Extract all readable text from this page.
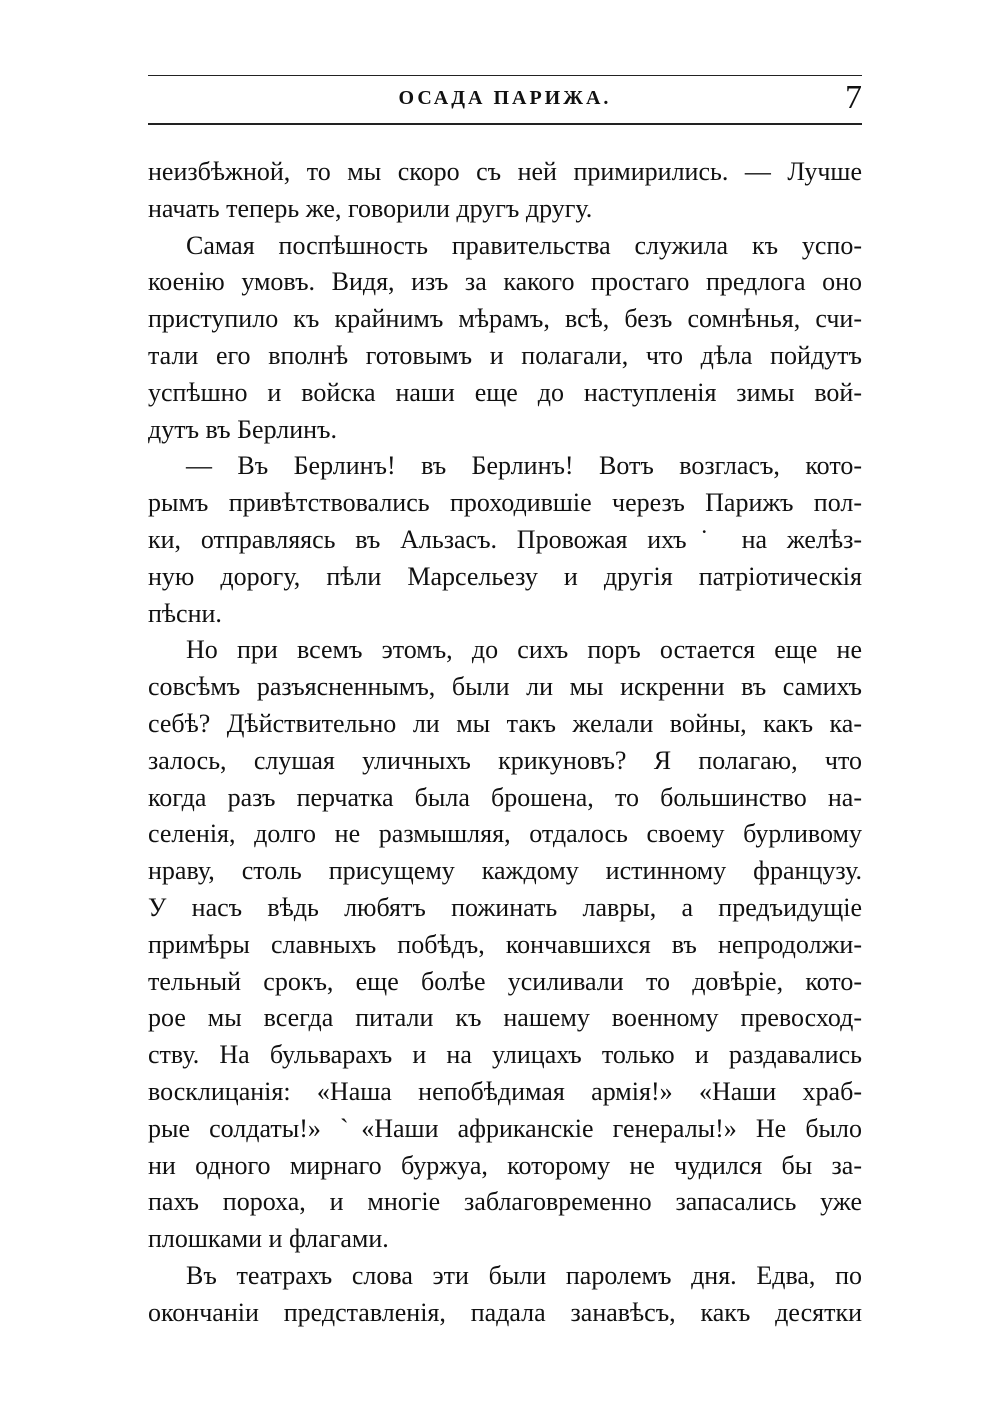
ОСАДА ПАРИЖА.	7
неизбѣжной, то мы скоро съ ней примирились. — Лучше
начать теперь же, говорили другъ другу.
Самая поспѣшность правительства служила къ успо-
коенію умовъ. Видя, изъ за какого простаго предлога оно
приступило къ крайнимъ мѣрамъ, всѣ, безъ сомнѣнья, счи-
тали его вполнѣ готовымъ и полагали, что дѣла пойдутъ
успѣшно и войска наши еще до наступленія зимы вой-
дутъ въ Берлинъ.
— Въ Берлинъ! въ Берлинъ! Вотъ возгласъ, кото-
рымъ привѣтствовались проходившіе черезъ Парижъ пол-
ки, отправляясь въ Альзасъ. Провожая ихъ˙ на желѣз-
ную дорогу, пѣли Марсельезу и другія патріотическія
пѣсни.
Но при всемъ этомъ, до сихъ поръ остается еще не
совсѣмъ разъясненнымъ, были ли мы искренни въ самихъ
себѣ? Дѣйствительно ли мы такъ желали войны, какъ ка-
залось, слушая уличныхъ крикуновъ? Я полагаю, что
когда разъ перчатка была брошена, то большинство на-
селенія, долго не размышляя, отдалось своему бурливому
нраву, столь присущему каждому истинному французу.
У насъ вѣдь любятъ пожинать лавры, а предъидущіе
примѣры славныхъ побѣдъ, кончавшихся въ непродолжи-
тельный срокъ, еще болѣе усиливали то довѣріе, кото-
рое мы всегда питали къ нашему военному превосход-
ству. На бульварахъ и на улицахъ только и раздавались
восклицанія: «Наша непобѣдимая армія!» «Наши храб-
рые солдаты!» ˋ«Наши африканскіе генералы!» Не было
ни одного мирнаго буржуа, которому не чудился бы за-
пахъ пороха, и многіе заблаговременно запасались уже
плошками и флагами.
Въ театрахъ слова эти были паролемъ дня. Едва, по
окончаніи представленія, падала занавѣсъ, какъ десятки
